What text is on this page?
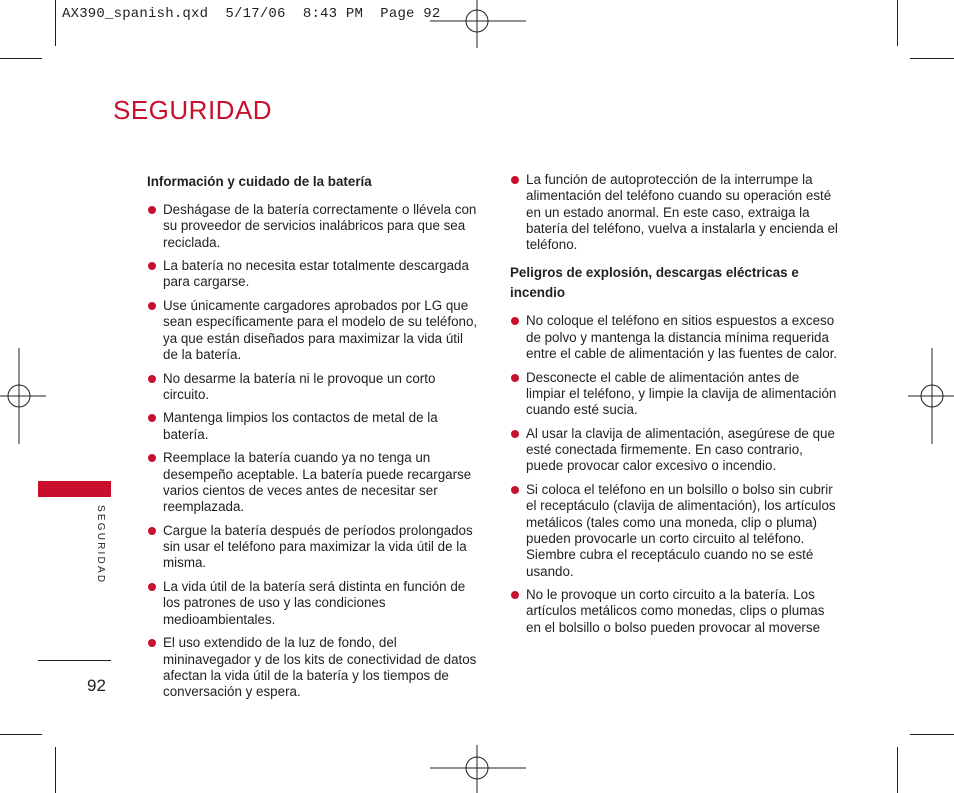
AX390_spanish.qxd  5/17/06  8:43 PM  Page 92
SEGURIDAD
SEGURIDAD
92
Información y cuidado de la batería
Deshágase de la batería correctamente o llévela con su proveedor de servicios inalábricos para que sea reciclada.
La batería no necesita estar totalmente descargada para cargarse.
Use únicamente cargadores aprobados por LG que sean específicamente para el modelo de su teléfono, ya que están diseñados para maximizar la vida útil de la batería.
No desarme la batería ni le provoque un corto circuito.
Mantenga limpios los contactos de metal de la batería.
Reemplace la batería cuando ya no tenga un desempeño aceptable. La batería puede recargarse varios cientos de veces antes de necesitar ser reemplazada.
Cargue la batería después de períodos prolongados sin usar el teléfono para maximizar la vida útil de la misma.
La vida útil de la batería será distinta en función de los patrones de uso y las condiciones medioambientales.
El uso extendido de la luz de fondo, del mininavegador y de los kits de conectividad de datos afectan la vida útil de la batería y los tiempos de conversación y espera.
La función de autoprotección de la interrumpe la alimentación del teléfono cuando su operación esté en un estado anormal. En este caso, extraiga la batería del teléfono, vuelva a instalarla y encienda el teléfono.
Peligros de explosión, descargas eléctricas e incendio
No coloque el teléfono en sitios espuestos a exceso de polvo y mantenga la distancia mínima requerida entre el cable de alimentación y las fuentes de calor.
Desconecte el cable de alimentación antes de limpiar el teléfono, y limpie la clavija de alimentación cuando esté sucia.
Al usar la clavija de alimentación, asegúrese de que esté conectada firmemente. En caso contrario, puede provocar calor excesivo o incendio.
Si coloca el teléfono en un bolsillo o bolso sin cubrir el receptáculo (clavija de alimentación), los artículos metálicos (tales como una moneda, clip o pluma) pueden provocarle un corto circuito al teléfono. Siembre cubra el receptáculo cuando no se esté usando.
No le provoque un corto circuito a la batería. Los artículos metálicos como monedas, clips o plumas en el bolsillo o bolso pueden provocar al moverse
